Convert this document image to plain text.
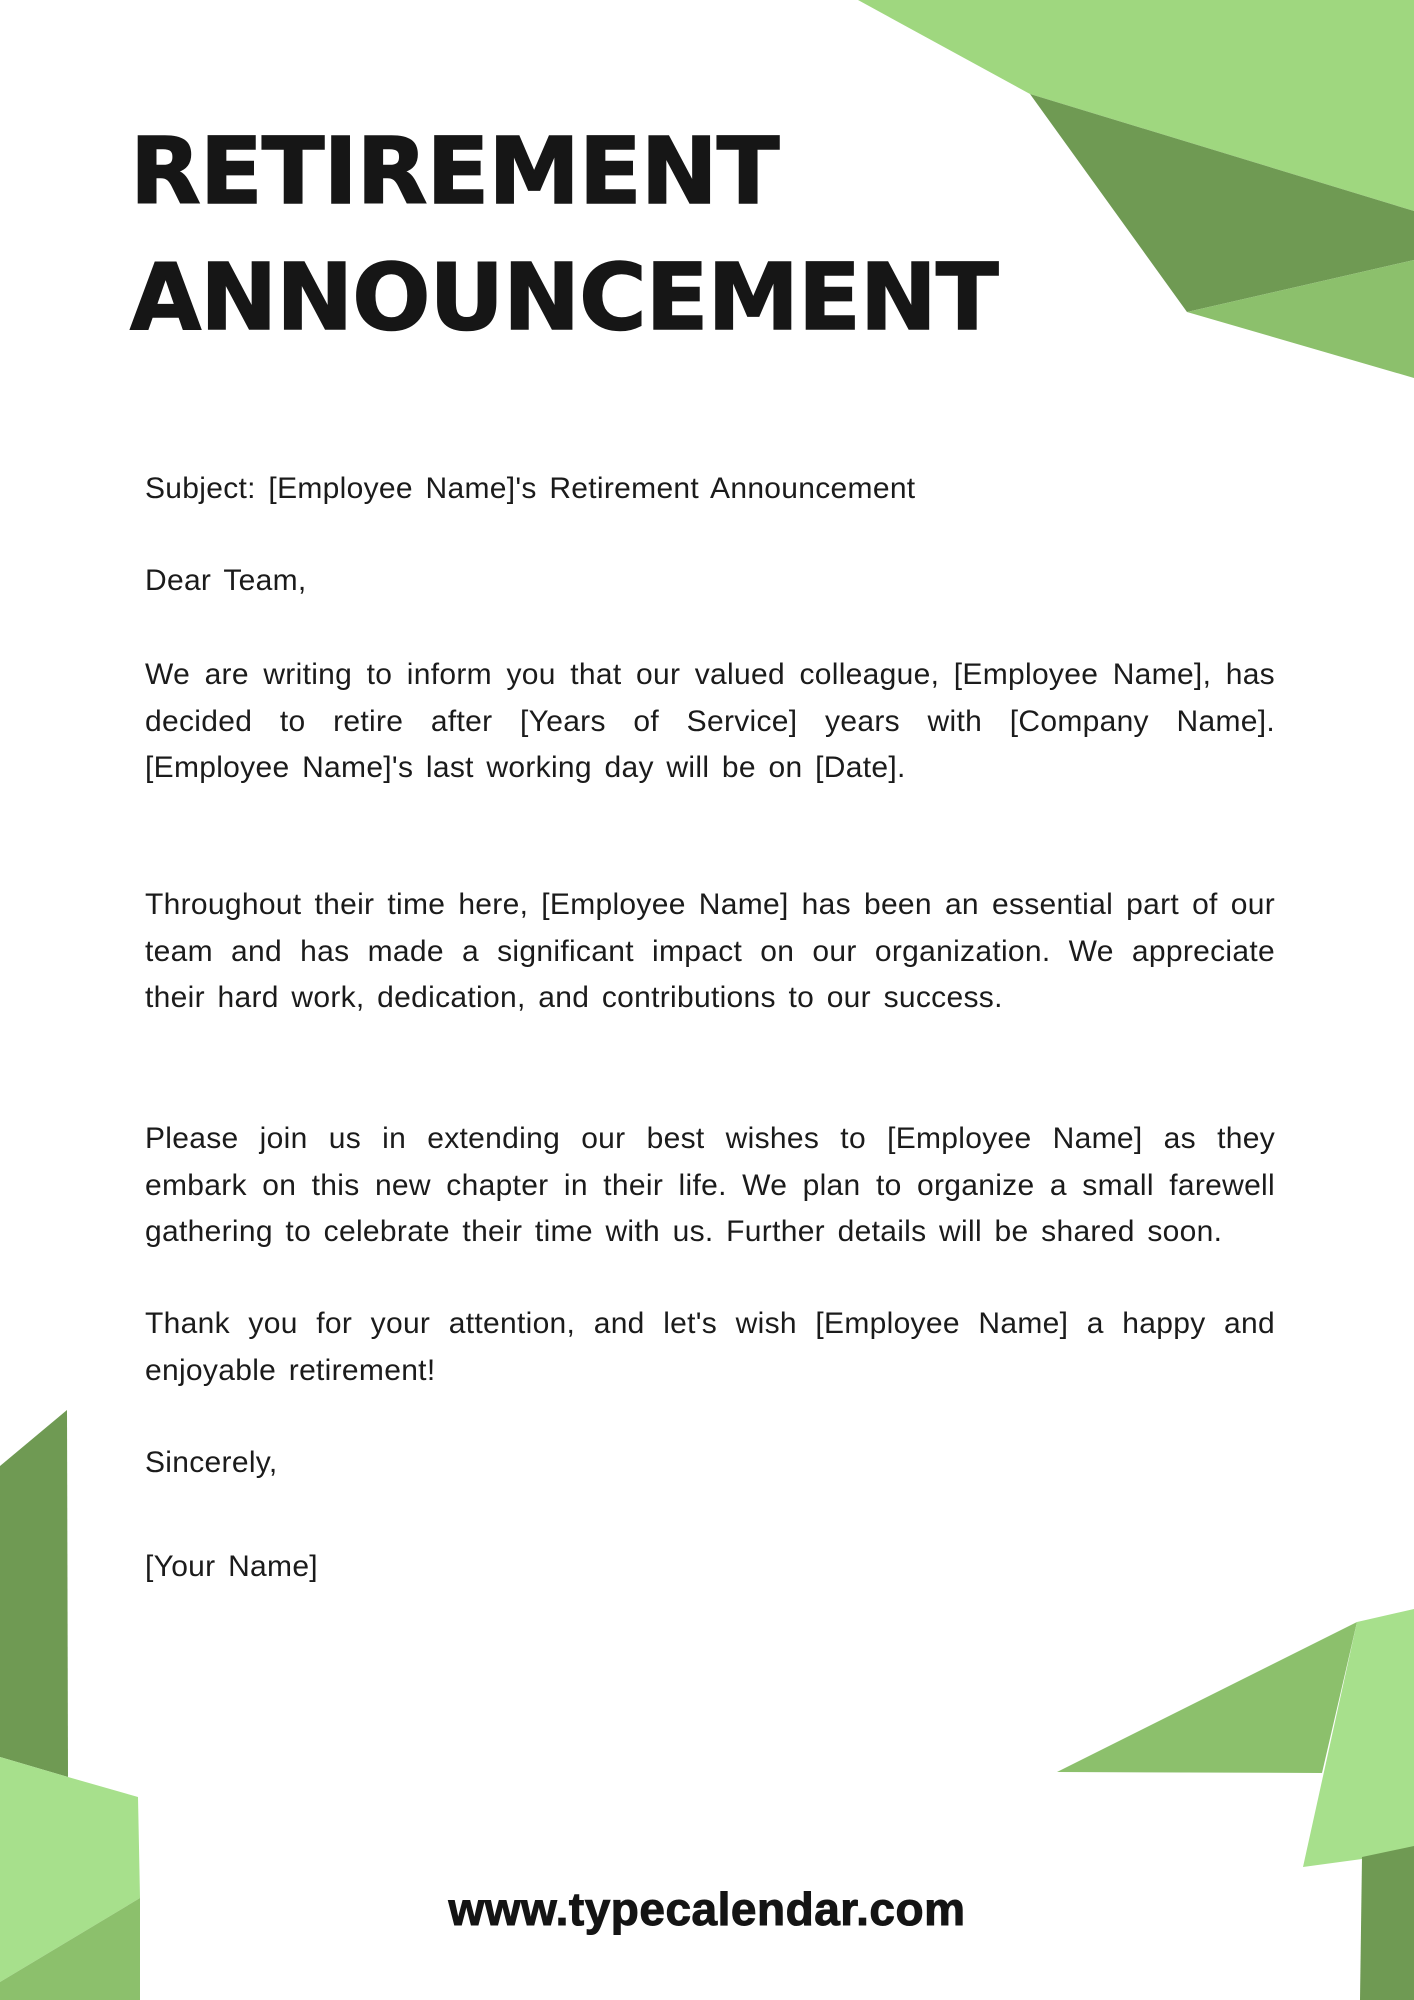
RETIREMENT
ANNOUNCEMENT
Subject: [Employee Name]'s Retirement Announcement
Dear Team,
We are writing to inform you that our valued colleague, [Employee Name], has decided to retire after [Years of Service] years with [Company Name]. [Employee Name]'s last working day will be on [Date].
Throughout their time here, [Employee Name] has been an essential part of our team and has made a significant impact on our organization. We appreciate their hard work, dedication, and contributions to our success.
Please join us in extending our best wishes to [Employee Name] as they embark on this new chapter in their life. We plan to organize a small farewell gathering to celebrate their time with us. Further details will be shared soon.
Thank you for your attention, and let's wish [Employee Name] a happy and enjoyable retirement!
Sincerely,
[Your Name]
www.typecalendar.com
